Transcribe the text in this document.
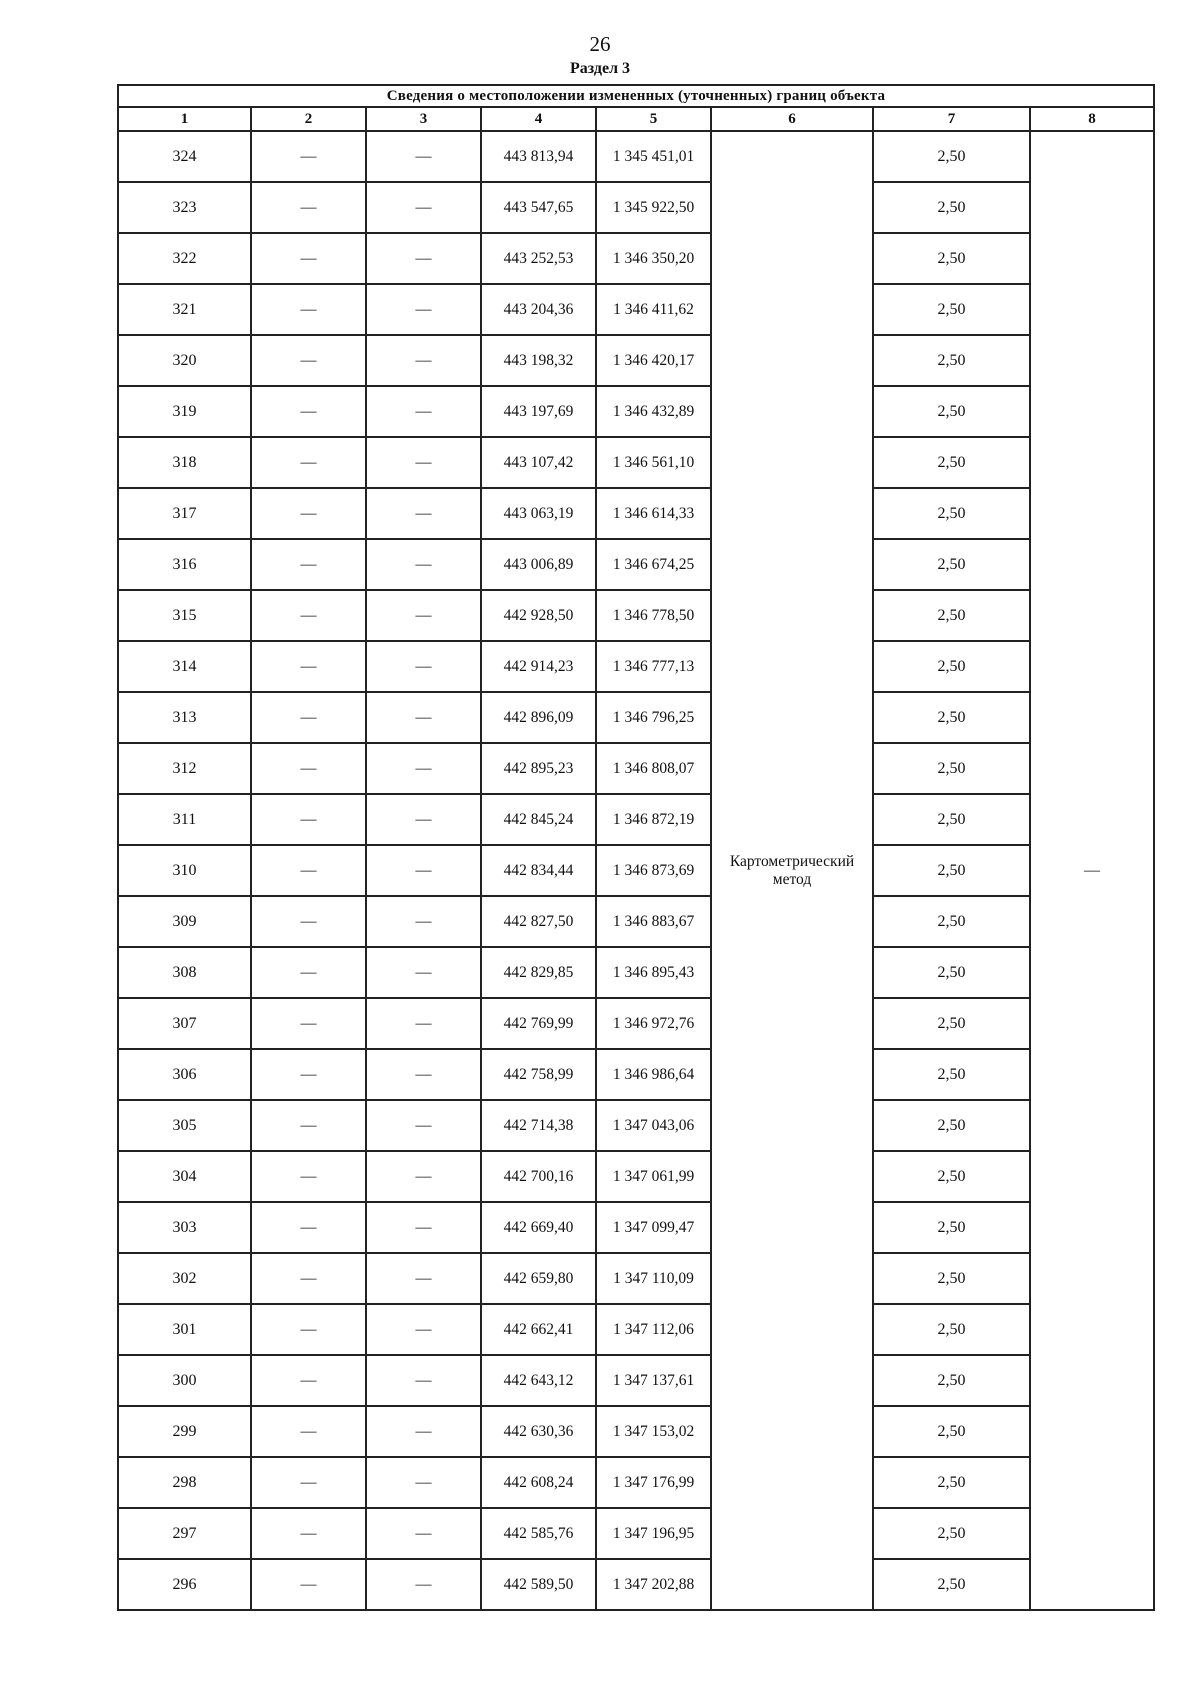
26
Раздел 3
Сведения о местоположении измененных (уточненных) границ объекта							
1	2	3	4	5	6	7	8
324	—	—	443 813,94	1 345 451,01	Картометрический метод	2,50	—
323	—	—	443 547,65	1 345 922,50		2,50	
322	—	—	443 252,53	1 346 350,20		2,50	
321	—	—	443 204,36	1 346 411,62		2,50	
320	—	—	443 198,32	1 346 420,17		2,50	
319	—	—	443 197,69	1 346 432,89		2,50	
318	—	—	443 107,42	1 346 561,10		2,50	
317	—	—	443 063,19	1 346 614,33		2,50	
316	—	—	443 006,89	1 346 674,25		2,50	
315	—	—	442 928,50	1 346 778,50		2,50	
314	—	—	442 914,23	1 346 777,13		2,50	
313	—	—	442 896,09	1 346 796,25		2,50	
312	—	—	442 895,23	1 346 808,07		2,50	
311	—	—	442 845,24	1 346 872,19		2,50	
310	—	—	442 834,44	1 346 873,69		2,50	
309	—	—	442 827,50	1 346 883,67		2,50	
308	—	—	442 829,85	1 346 895,43		2,50	
307	—	—	442 769,99	1 346 972,76		2,50	
306	—	—	442 758,99	1 346 986,64		2,50	
305	—	—	442 714,38	1 347 043,06		2,50	
304	—	—	442 700,16	1 347 061,99		2,50	
303	—	—	442 669,40	1 347 099,47		2,50	
302	—	—	442 659,80	1 347 110,09		2,50	
301	—	—	442 662,41	1 347 112,06		2,50	
300	—	—	442 643,12	1 347 137,61		2,50	
299	—	—	442 630,36	1 347 153,02		2,50	
298	—	—	442 608,24	1 347 176,99		2,50	
297	—	—	442 585,76	1 347 196,95		2,50	
296	—	—	442 589,50	1 347 202,88		2,50	
